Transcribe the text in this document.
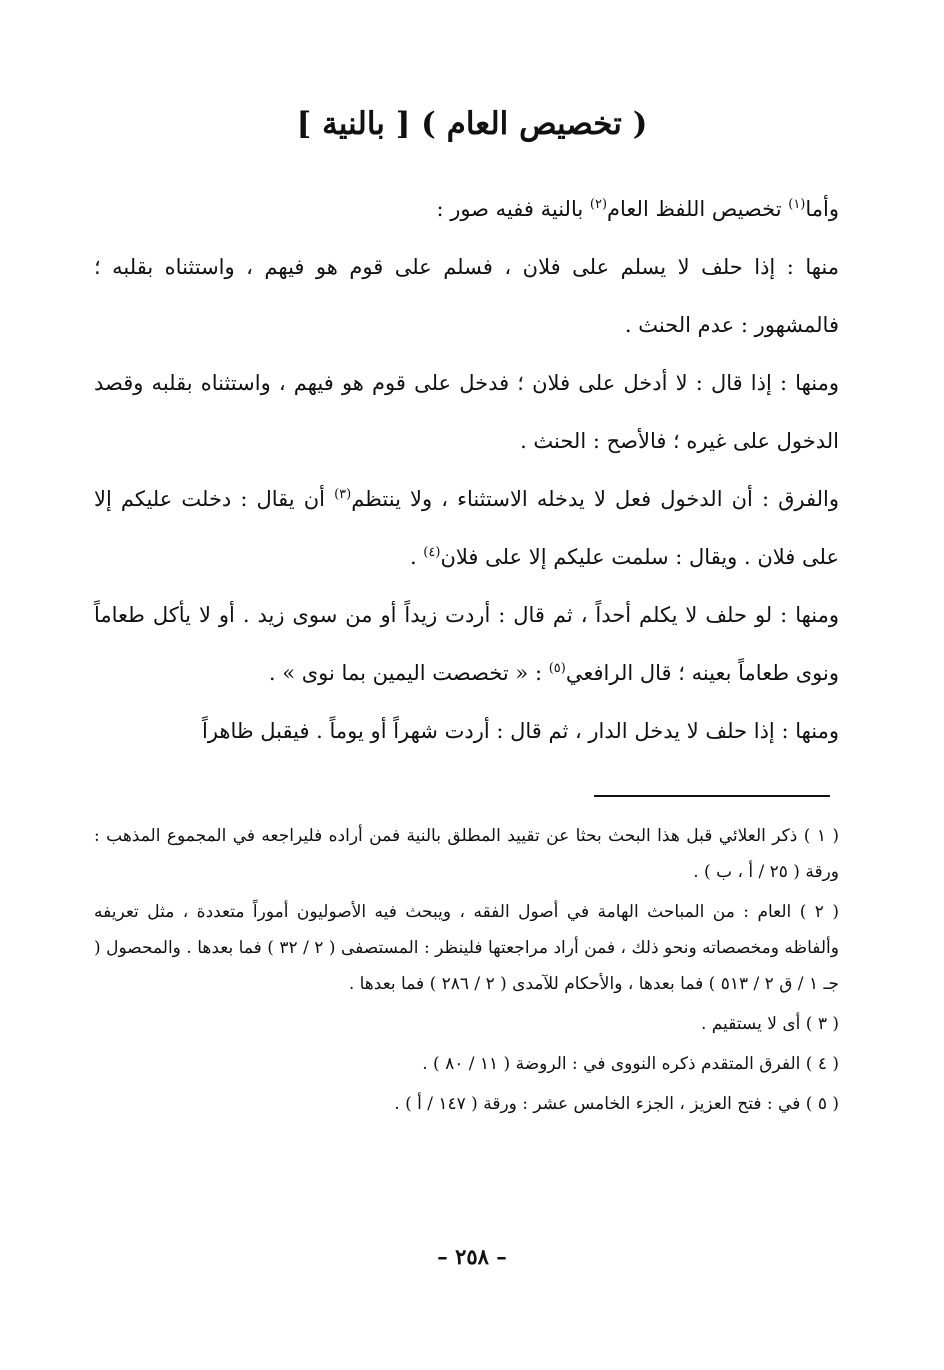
( تخصيص العام ) [ بالنية ]

وأما$^{(١)}$ تخصيص اللفظ العام$^{(٢)}$ بالنية ففيه صور :

منها : إذا حلف لا يسلم على فلان ، فسلم على قوم هو فيهم ، واستثناه بقلبه ؛ فالمشهور : عدم الحنث .

ومنها : إذا قال : لا أدخل على فلان ؛ فدخل على قوم هو فيهم ، واستثناه بقلبه وقصد الدخول على غيره ؛ فالأصح : الحنث .

والفرق : أن الدخول فعل لا يدخله الاستثناء ، ولا ينتظم$^{(٣)}$ أن يقال : دخلت عليكم إلا على فلان . ويقال : سلمت عليكم إلا على فلان$^{(٤)}$ .

ومنها : لو حلف لا يكلم أحداً ، ثم قال : أردت زيداً أو من سوى زيد . أو لا يأكل طعاماً ونوى طعاماً بعينه ؛ قال الرافعي$^{(٥)}$ : « تخصصت اليمين بما نوى » .

ومنها : إذا حلف لا يدخل الدار ، ثم قال : أردت شهراً أو يوماً . فيقبل ظاهراً

( ١ ) ذكر العلائي قبل هذا البحث بحثا عن تقييد المطلق بالنية فمن أراده فليراجعه في المجموع المذهب : ورقة ( ٢٥ / أ ، ب ) .

( ٢ ) العام : من المباحث الهامة في أصول الفقه ، ويبحث فيه الأصوليون أموراً متعددة ، مثل تعريفه وألفاظه ومخصصاته ونحو ذلك ، فمن أراد مراجعتها فلينظر : المستصفى ( ٢ / ٣٢ ) فما بعدها . والمحصول ( جـ ١ / ق ٢ / ٥١٣ ) فما بعدها ، والأحكام للآمدى ( ٢ / ٢٨٦ ) فما بعدها .

( ٣ ) أى لا يستقيم .

( ٤ ) الفرق المتقدم ذكره النووى في : الروضة ( ١١ / ٨٠ ) .

( ٥ ) في : فتح العزيز ، الجزء الخامس عشر : ورقة ( ١٤٧ / أ ) .

– ٢٥٨ –
